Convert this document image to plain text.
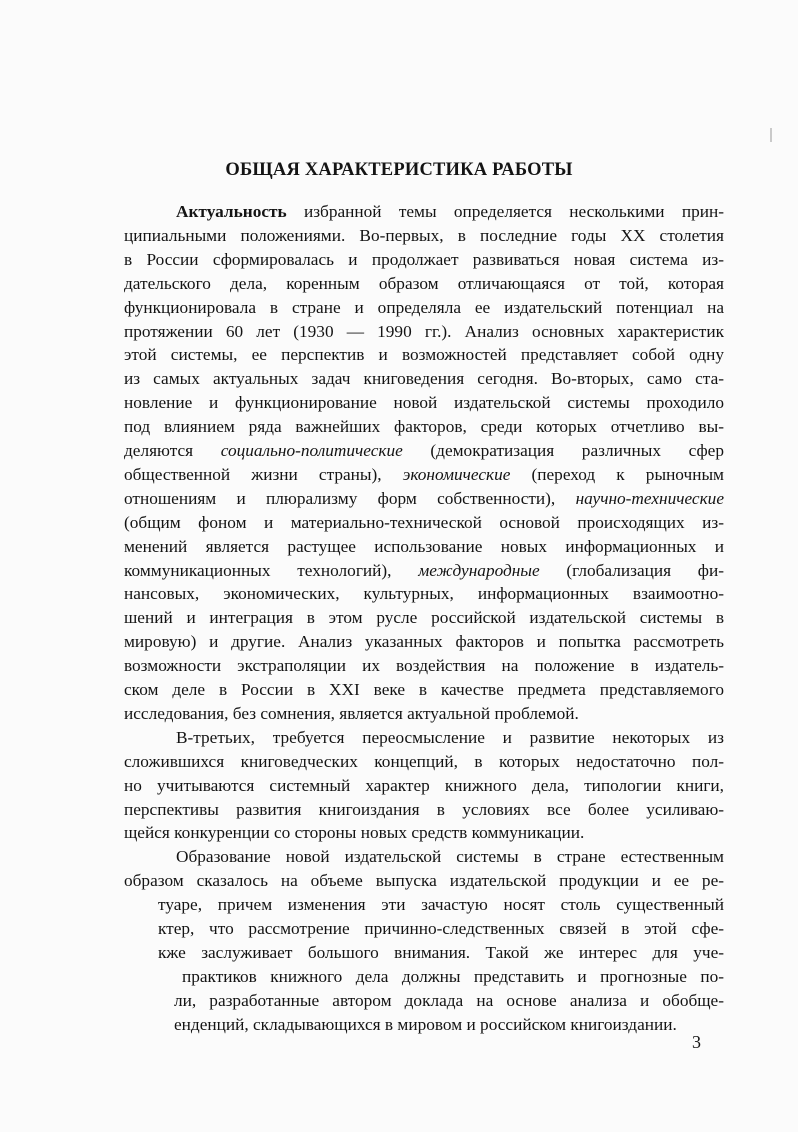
ОБЩАЯ ХАРАКТЕРИСТИКА РАБОТЫ
Актуальность избранной темы определяется несколькими прин-
ципиальными положениями. Во-первых, в последние годы XX столетия
в России сформировалась и продолжает развиваться новая система из-
дательского дела, коренным образом отличающаяся от той, которая
функционировала в стране и определяла ее издательский потенциал на
протяжении 60 лет (1930 — 1990 гг.). Анализ основных характеристик
этой системы, ее перспектив и возможностей представляет собой одну
из самых актуальных задач книговедения сегодня. Во-вторых, само ста-
новление и функционирование новой издательской системы проходило
под влиянием ряда важнейших факторов, среди которых отчетливо вы-
деляются социально-политические (демократизация различных сфер
общественной жизни страны), экономические (переход к рыночным
отношениям и плюрализму форм собственности), научно-технические
(общим фоном и материально-технической основой происходящих из-
менений является растущее использование новых информационных и
коммуникационных технологий), международные (глобализация фи-
нансовых, экономических, культурных, информационных взаимоотно-
шений и интеграция в этом русле российской издательской системы в
мировую) и другие. Анализ указанных факторов и попытка рассмотреть
возможности экстраполяции их воздействия на положение в издатель-
ском деле в России в XXI веке в качестве предмета представляемого
исследования, без сомнения, является актуальной проблемой.
В-третьих, требуется переосмысление и развитие некоторых из
сложившихся книговедческих концепций, в которых недостаточно пол-
но учитываются системный характер книжного дела, типологии книги,
перспективы развития книгоиздания в условиях все более усиливаю-
щейся конкуренции со стороны новых средств коммуникации.
Образование новой издательской системы в стране естественным
образом сказалось на объеме выпуска издательской продукции и ее ре-
туаре, причем изменения эти зачастую носят столь существенный
ктер, что рассмотрение причинно-следственных связей в этой сфе-
кже заслуживает большого внимания. Такой же интерес для уче-
практиков книжного дела должны представить и прогнозные по-
ли, разработанные автором доклада на основе анализа и обобще-
енденций, складывающихся в мировом и российском книгоиздании.
3
